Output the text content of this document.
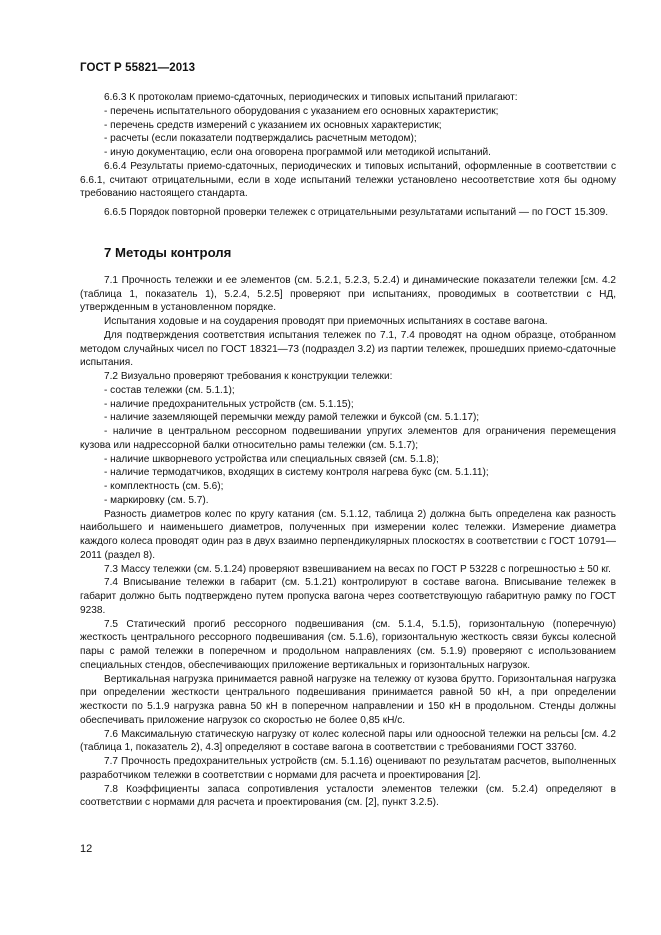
ГОСТ Р 55821—2013

6.6.3 К протоколам приемо-сдаточных, периодических и типовых испытаний прилагают:

- перечень испытательного оборудования с указанием его основных характеристик;

- перечень средств измерений с указанием их основных характеристик;

- расчеты (если показатели подтверждались расчетным методом);

- иную документацию, если она оговорена программой или методикой испытаний.

6.6.4 Результаты приемо-сдаточных, периодических и типовых испытаний, оформленные в соответствии с 6.6.1, считают отрицательными, если в ходе испытаний тележки установлено несоответствие хотя бы одному требованию настоящего стандарта.

6.6.5 Порядок повторной проверки тележек с отрицательными результатами испытаний — по ГОСТ 15.309.

7 Методы контроля

7.1 Прочность тележки и ее элементов (см. 5.2.1, 5.2.3, 5.2.4) и динамические показатели тележки [см. 4.2 (таблица 1, показатель 1), 5.2.4, 5.2.5] проверяют при испытаниях, проводимых в соответствии с НД, утвержденным в установленном порядке.

Испытания ходовые и на соударения проводят при приемочных испытаниях в составе вагона.

Для подтверждения соответствия испытания тележек по 7.1, 7.4 проводят на одном образце, отобранном методом случайных чисел по ГОСТ 18321—73 (подраздел 3.2) из партии тележек, прошедших приемо-сдаточные испытания.

7.2 Визуально проверяют требования к конструкции тележки:

- состав тележки (см. 5.1.1);

- наличие предохранительных устройств (см. 5.1.15);

- наличие заземляющей перемычки между рамой тележки и буксой (см. 5.1.17);

- наличие в центральном рессорном подвешивании упругих элементов для ограничения перемещения кузова или надрессорной балки относительно рамы тележки (см. 5.1.7);

- наличие шкворневого устройства или специальных связей (см. 5.1.8);

- наличие термодатчиков, входящих в систему контроля нагрева букс (см. 5.1.11);

- комплектность (см. 5.6);

- маркировку (см. 5.7).

Разность диаметров колес по кругу катания (см. 5.1.12, таблица 2) должна быть определена как разность наибольшего и наименьшего диаметров, полученных при измерении колес тележки. Измерение диаметра каждого колеса проводят один раз в двух взаимно перпендикулярных плоскостях в соответствии с ГОСТ 10791—2011 (раздел 8).

7.3 Массу тележки (см. 5.1.24) проверяют взвешиванием на весах по ГОСТ Р 53228 с погрешностью ± 50 кг.

7.4 Вписывание тележки в габарит (см. 5.1.21) контролируют в составе вагона. Вписывание тележек в габарит должно быть подтверждено путем пропуска вагона через соответствующую габаритную рамку по ГОСТ 9238.

7.5 Статический прогиб рессорного подвешивания (см. 5.1.4, 5.1.5), горизонтальную (поперечную) жесткость центрального рессорного подвешивания (см. 5.1.6), горизонтальную жесткость связи буксы колесной пары с рамой тележки в поперечном и продольном направлениях (см. 5.1.9) проверяют с использованием специальных стендов, обеспечивающих приложение вертикальных и горизонтальных нагрузок.

Вертикальная нагрузка принимается равной нагрузке на тележку от кузова брутто. Горизонтальная нагрузка при определении жесткости центрального подвешивания принимается равной 50 кН, а при определении жесткости по 5.1.9 нагрузка равна 50 кН в поперечном направлении и 150 кН в продольном. Стенды должны обеспечивать приложение нагрузок со скоростью не более 0,85 кН/с.

7.6 Максимальную статическую нагрузку от колес колесной пары или одноосной тележки на рельсы [см. 4.2 (таблица 1, показатель 2), 4.3] определяют в составе вагона в соответствии с требованиями ГОСТ 33760.

7.7 Прочность предохранительных устройств (см. 5.1.16) оценивают по результатам расчетов, выполненных разработчиком тележки в соответствии с нормами для расчета и проектирования [2].

7.8 Коэффициенты запаса сопротивления усталости элементов тележки (см. 5.2.4) определяют в соответствии с нормами для расчета и проектирования (см. [2], пункт 3.2.5).

12
